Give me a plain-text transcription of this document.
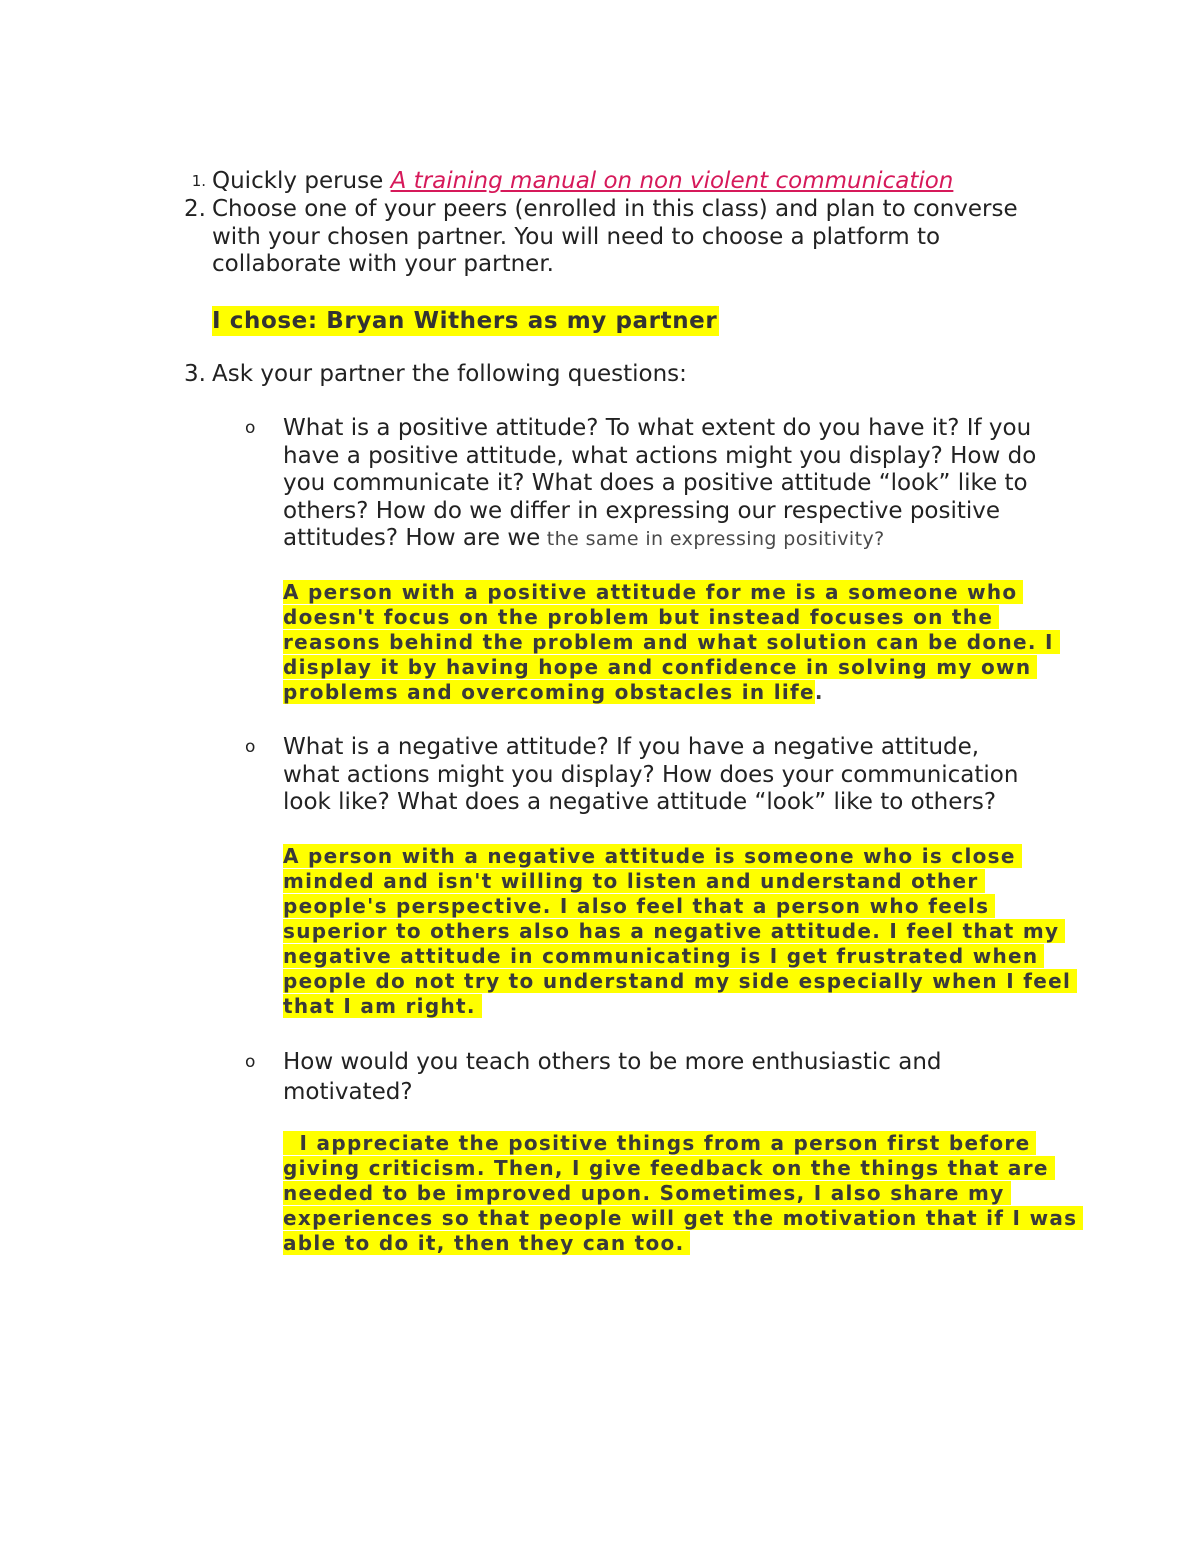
1. Quickly peruse A training manual on non violent communication
2. Choose one of your peers (enrolled in this class) and plan to converse
with your chosen partner. You will need to choose a platform to
collaborate with your partner.
I chose: Bryan Withers as my partner
3. Ask your partner the following questions:
o What is a positive attitude? To what extent do you have it? If you
have a positive attitude, what actions might you display? How do
you communicate it? What does a positive attitude “look” like to
others? How do we differ in expressing our respective positive
attitudes? How are we the same in expressing positivity?
A person with a positive attitude for me is a someone who
doesn't focus on the problem but instead focuses on the
reasons behind the problem and what solution can be done. I
display it by having hope and confidence in solving my own
problems and overcoming obstacles in life.
o What is a negative attitude? If you have a negative attitude,
what actions might you display? How does your communication
look like? What does a negative attitude “look” like to others?
A person with a negative attitude is someone who is close
minded and isn't willing to listen and understand other
people's perspective. I also feel that a person who feels
superior to others also has a negative attitude. I feel that my
negative attitude in communicating is I get frustrated when
people do not try to understand my side especially when I feel
that I am right.
o How would you teach others to be more enthusiastic and
motivated?
I appreciate the positive things from a person first before
giving criticism. Then, I give feedback on the things that are
needed to be improved upon. Sometimes, I also share my
experiences so that people will get the motivation that if I was
able to do it, then they can too.
